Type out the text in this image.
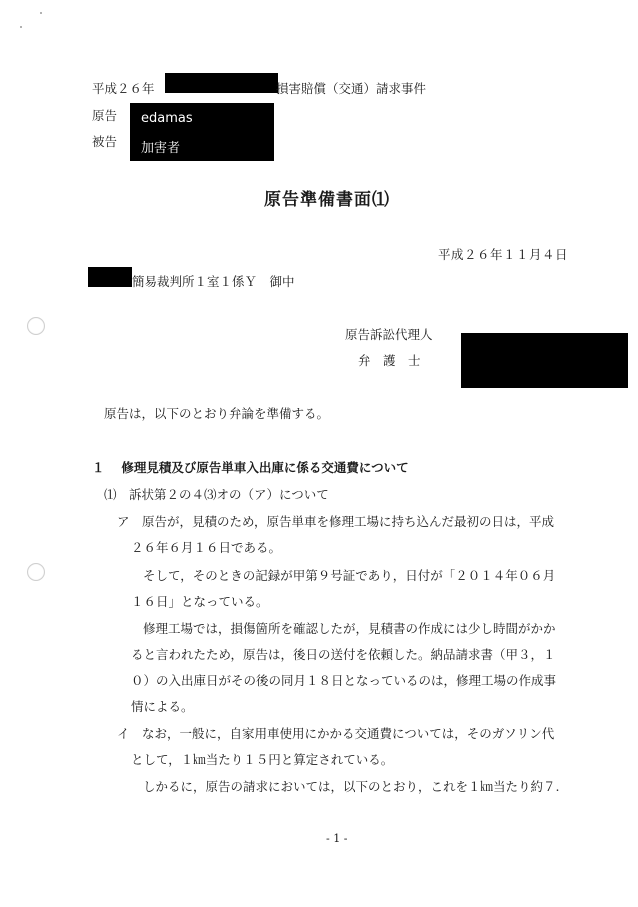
平成２６年	損害賠償（交通）請求事件
原告
被告
edamas
加害者
原告準備書面⑴
平成２６年１１月４日
簡易裁判所１室１係Ｙ　御中
原告訴訟代理人
弁　護　士
原告は，以下のとおり弁論を準備する。
１　 修理見積及び原告単車入出庫に係る交通費について
⑴　訴状第２の４⑶オの（ア）について
ア　原告が，見積のため，原告単車を修理工場に持ち込んだ最初の日は，平成
２６年６月１６日である。
そして，そのときの記録が甲第９号証であり，日付が「２０１４年０６月
１６日」となっている。
修理工場では，損傷箇所を確認したが，見積書の作成には少し時間がかか
ると言われたため，原告は，後日の送付を依頼した。納品請求書（甲３，１
０）の入出庫日がその後の同月１８日となっているのは，修理工場の作成事
情による。
イ　なお，一般に，自家用車使用にかかる交通費については，そのガソリン代
として，１㎞当たり１５円と算定されている。
しかるに，原告の請求においては，以下のとおり，これを１㎞当たり約７.
- 1 -
